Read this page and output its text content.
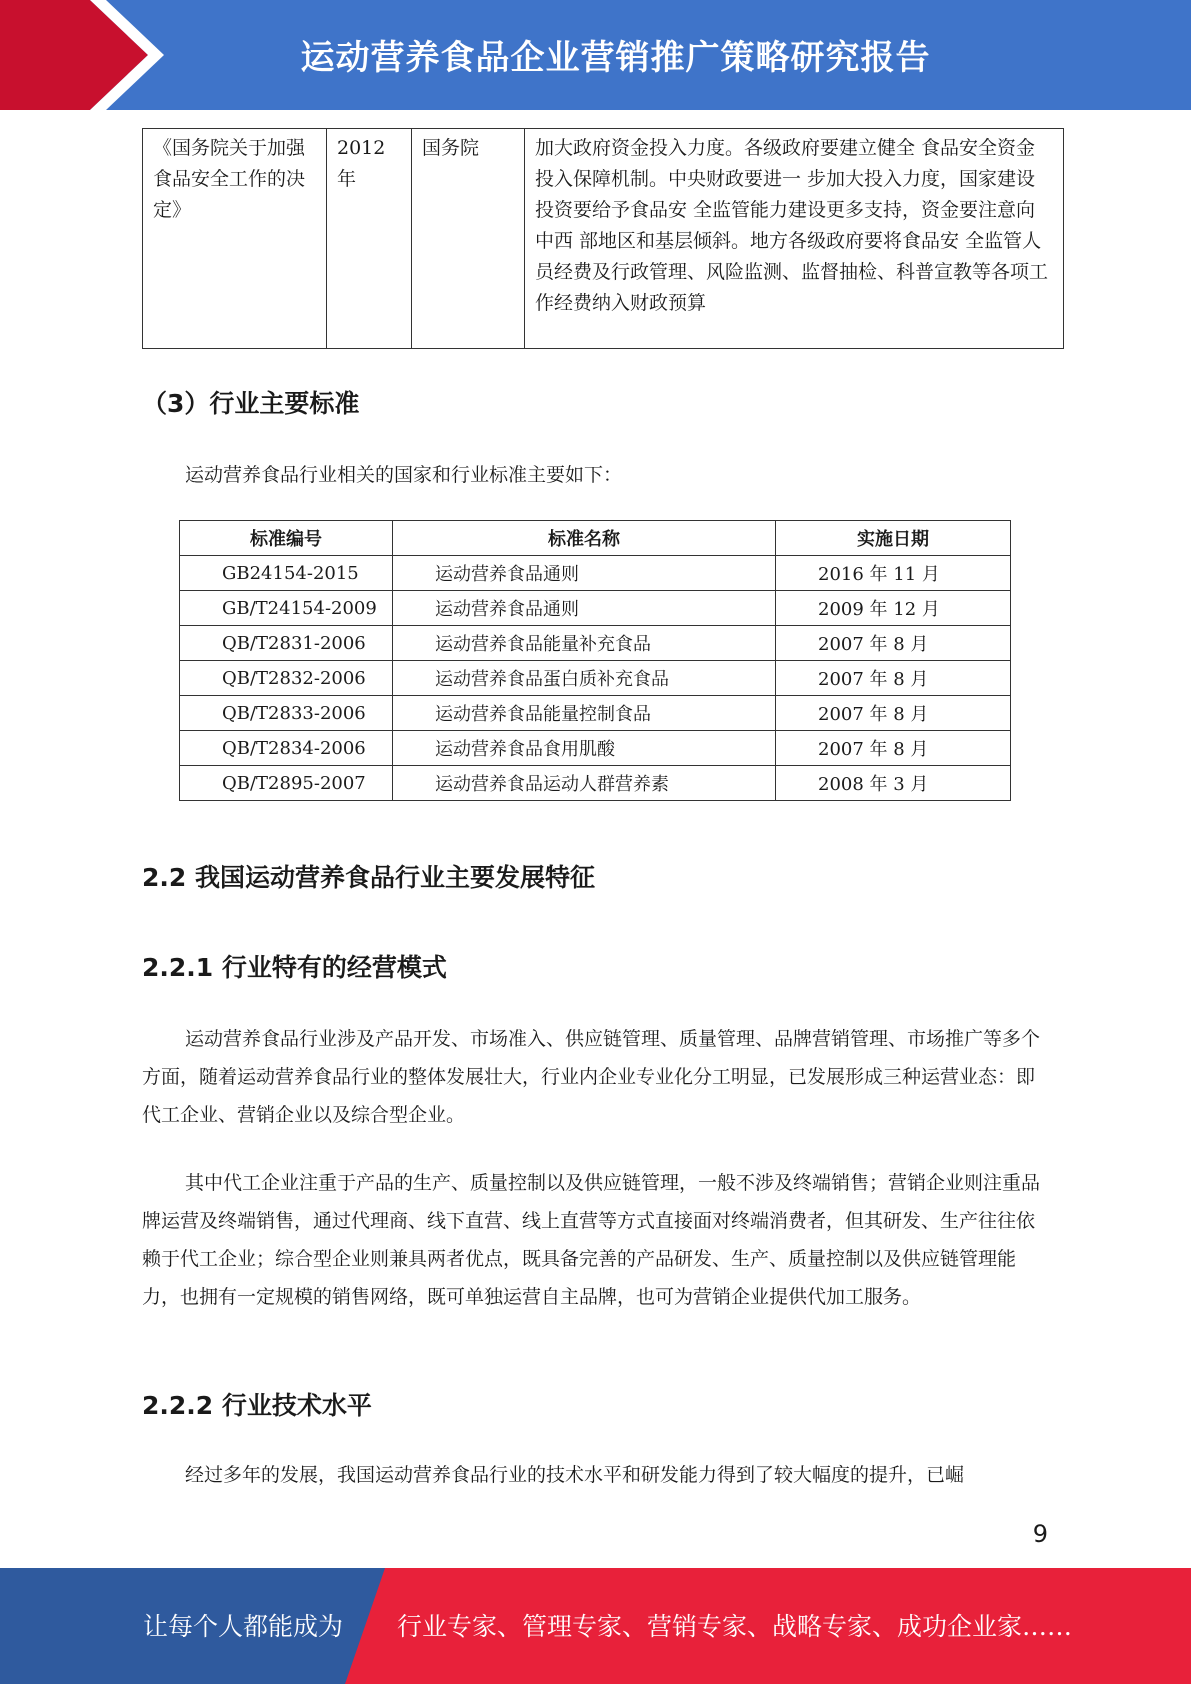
运动营养食品企业营销推广策略研究报告
《国务院关于加强食品安全工作的决定》	2012 年	国务院	加大政府资金投入力度。各级政府要建立健全 食品安全资金投入保障机制。中央财政要进一 步加大投入力度，国家建设投资要给予食品安 全监管能力建设更多支持，资金要注意向中西 部地区和基层倾斜。地方各级政府要将食品安 全监管人员经费及行政管理、风险监测、监督抽检、科普宣教等各项工作经费纳入财政预算
（3）行业主要标准

运动营养食品行业相关的国家和行业标准主要如下：

标准编号	标准名称	实施日期
GB24154-2015	运动营养食品通则	2016 年 11 月
GB/T24154-2009	运动营养食品通则	2009 年 12 月
QB/T2831-2006	运动营养食品能量补充食品	2007 年 8 月
QB/T2832-2006	运动营养食品蛋白质补充食品	2007 年 8 月
QB/T2833-2006	运动营养食品能量控制食品	2007 年 8 月
QB/T2834-2006	运动营养食品食用肌酸	2007 年 8 月
QB/T2895-2007	运动营养食品运动人群营养素	2008 年 3 月
2.2 我国运动营养食品行业主要发展特征
2.2.1 行业特有的经营模式

运动营养食品行业涉及产品开发、市场准入、供应链管理、质量管理、品牌营销管理、市场推广等多个方面，随着运动营养食品行业的整体发展壮大，行业内企业专业化分工明显，已发展形成三种运营业态：即代工企业、营销企业以及综合型企业。

其中代工企业注重于产品的生产、质量控制以及供应链管理，一般不涉及终端销售；营销企业则注重品牌运营及终端销售，通过代理商、线下直营、线上直营等方式直接面对终端消费者，但其研发、生产往往依赖于代工企业；综合型企业则兼具两者优点，既具备完善的产品研发、生产、质量控制以及供应链管理能力，也拥有一定规模的销售网络，既可单独运营自主品牌，也可为营销企业提供代加工服务。

2.2.2 行业技术水平

经过多年的发展，我国运动营养食品行业的技术水平和研发能力得到了较大幅度的提升，已崛

9
让每个人都能成为 行业专家、管理专家、营销专家、战略专家、成功企业家……
